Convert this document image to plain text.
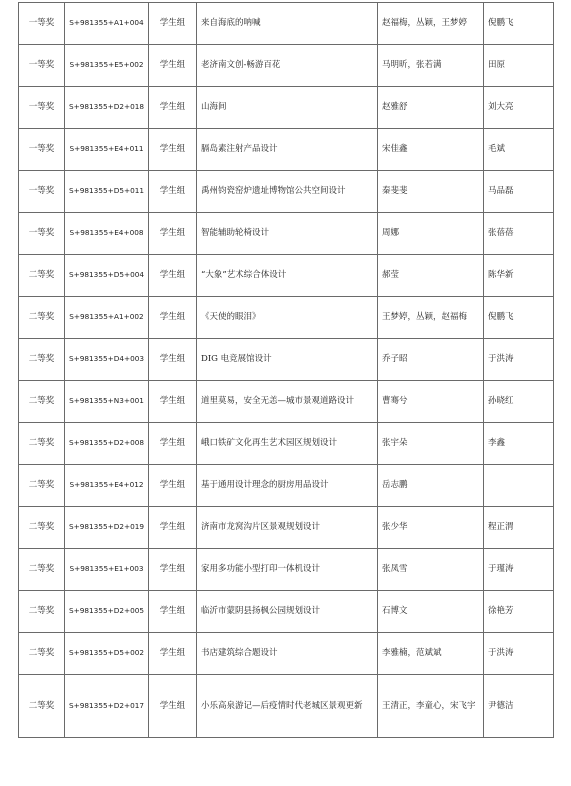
一等奖	S+981355+A1+004	学生组	来自海底的呐喊	赵福梅，丛颖，王梦婷	倪鹏飞
一等奖	S+981355+E5+002	学生组	老济南文创-畅游百花	马明昕，张若满	田原
一等奖	S+981355+D2+018	学生组	山海间	赵雅舒	刘大亮
一等奖	S+981355+E4+011	学生组	膈岛素注射产品设计	宋佳鑫	毛斌
一等奖	S+981355+D5+011	学生组	禹州钧瓷窑炉遗址博物馆公共空间设计	秦斐斐	马品磊
一等奖	S+981355+E4+008	学生组	智能辅助轮椅设计	周娜	张蓓蓓
二等奖	S+981355+D5+004	学生组	“大象”艺术综合体设计	郝莹	陈华新
二等奖	S+981355+A1+002	学生组	《天使的眼泪》	王梦婷，丛颖，赵福梅	倪鹏飞
二等奖	S+981355+D4+003	学生组	DIG 电竞展馆设计	乔子昭	于洪涛
二等奖	S+981355+N3+001	学生组	道里莫易，安全无恙—城市景观道路设计	曹骞兮	孙晓红
二等奖	S+981355+D2+008	学生组	峨口铁矿文化再生艺术园区规划设计	张宇朵	李鑫
二等奖	S+981355+E4+012	学生组	基于通用设计理念的厨房用品设计	岳志鹏	
二等奖	S+981355+D2+019	学生组	济南市龙窝沟片区景观规划设计	张少华	程正渭
二等奖	S+981355+E1+003	学生组	家用多功能小型打印一体机设计	张凤雪	于瑾涛
二等奖	S+981355+D2+005	学生组	临沂市蒙阴县扬枫公园规划设计	石博文	徐艳芳
二等奖	S+981355+D5+002	学生组	书店建筑综合题设计	李雅楠，范斌斌	于洪涛
二等奖	S+981355+D2+017	学生组	小乐高泉游记—后疫情时代老城区景观更新	王清正，李童心，宋飞宇	尹德洁
